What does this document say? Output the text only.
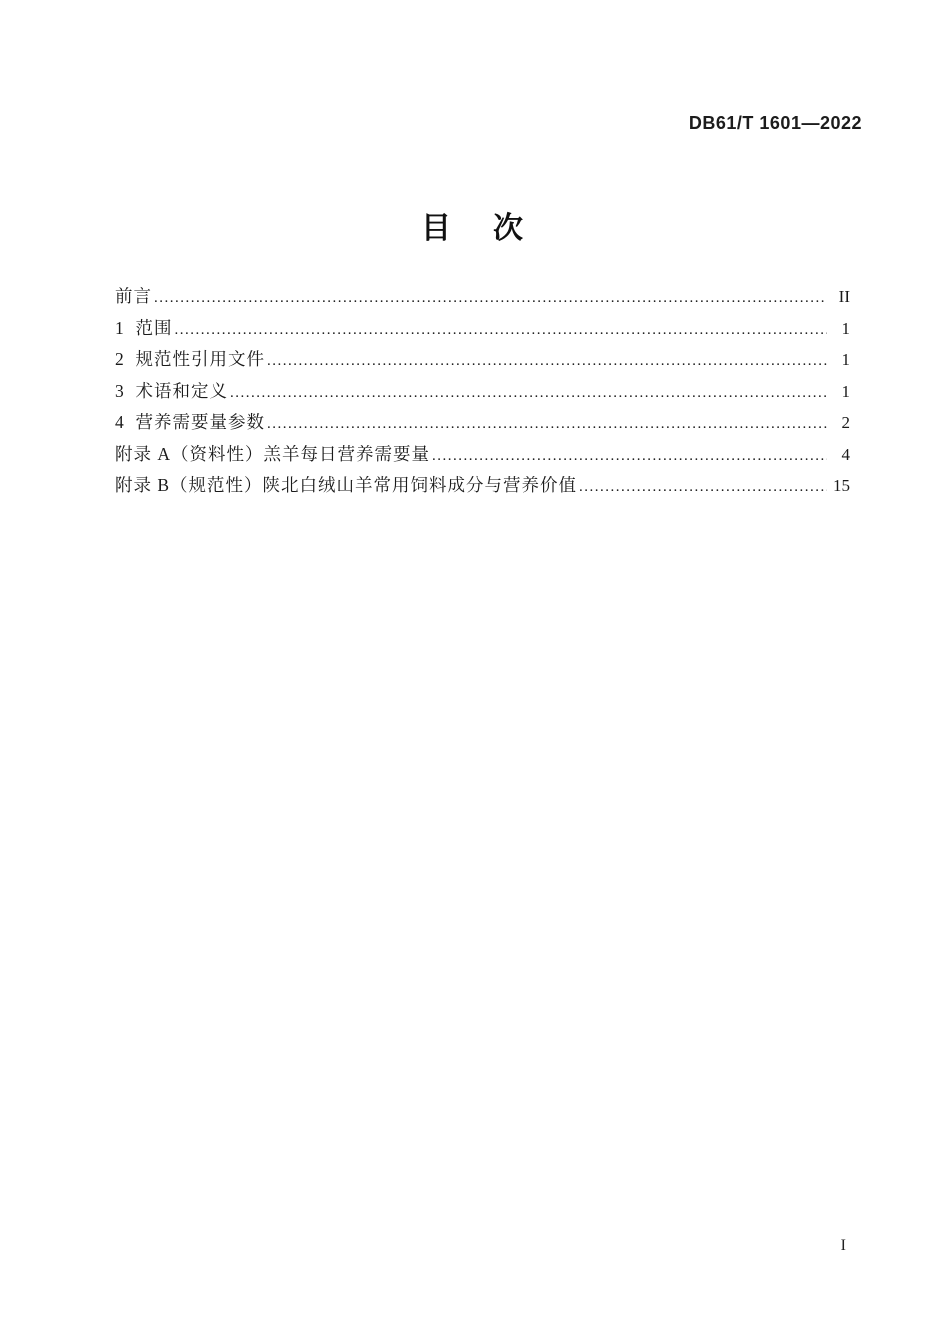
DB61/T 1601—2022
目　次
前言 .....	II
1  范围 .....	1
2  规范性引用文件 .....	1
3  术语和定义 .....	1
4  营养需要量参数 .....	2
附录 A（资料性）羔羊每日营养需要量 .....	4
附录 B（规范性）陕北白绒山羊常用饲料成分与营养价值 .....	15
I
